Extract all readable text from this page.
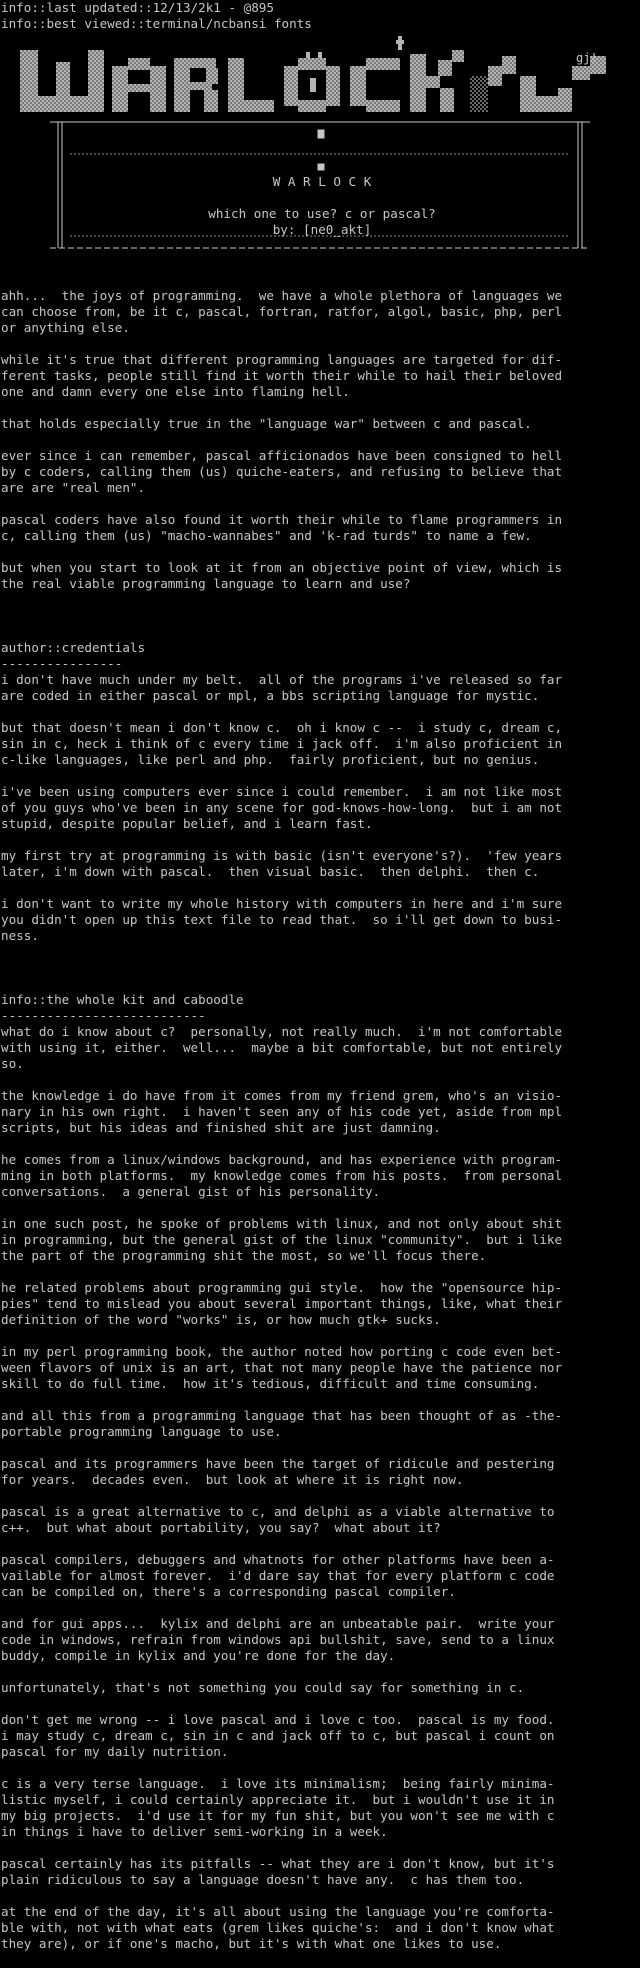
info::last updated::12/13/2k1 - @895
info::best viewed::terminal/ncbansi fonts
gj!
W A R L O C K
which one to use? c or pascal?
by: [ne0_akt]
ahh...  the joys of programming.  we have a whole plethora of languages we
can choose from, be it c, pascal, fortran, ratfor, algol, basic, php, perl
or anything else.
while it's true that different programming languages are targeted for dif-
ferent tasks, people still find it worth their while to hail their beloved
one and damn every one else into flaming hell.
that holds especially true in the "language war" between c and pascal.
ever since i can remember, pascal afficionados have been consigned to hell
by c coders, calling them (us) quiche-eaters, and refusing to believe that
are are "real men".
pascal coders have also found it worth their while to flame programmers in
c, calling them (us) "macho-wannabes" and 'k-rad turds" to name a few.
but when you start to look at it from an objective point of view, which is
the real viable programming language to learn and use?
author::credentials
----------------
i don't have much under my belt.  all of the programs i've released so far
are coded in either pascal or mpl, a bbs scripting language for mystic.
but that doesn't mean i don't know c.  oh i know c --  i study c, dream c,
sin in c, heck i think of c every time i jack off.  i'm also proficient in
c-like languages, like perl and php.  fairly proficient, but no genius.
i've been using computers ever since i could remember.  i am not like most
of you guys who've been in any scene for god-knows-how-long.  but i am not
stupid, despite popular belief, and i learn fast.
my first try at programming is with basic (isn't everyone's?).  'few years
later, i'm down with pascal.  then visual basic.  then delphi.  then c.
i don't want to write my whole history with computers in here and i'm sure
you didn't open up this text file to read that.  so i'll get down to busi-
ness.
info::the whole kit and caboodle
---------------------------
what do i know about c?  personally, not really much.  i'm not comfortable
with using it, either.  well...  maybe a bit comfortable, but not entirely
so.
the knowledge i do have from it comes from my friend grem, who's an visio-
nary in his own right.  i haven't seen any of his code yet, aside from mpl
scripts, but his ideas and finished shit are just damning.
he comes from a linux/windows background, and has experience with program-
ming in both platforms.  my knowledge comes from his posts.  from personal
conversations.  a general gist of his personality.
in one such post, he spoke of problems with linux, and not only about shit
in programming, but the general gist of the linux "community".  but i like
the part of the programming shit the most, so we'll focus there.
he related problems about programming gui style.  how the "opensource hip-
pies" tend to mislead you about several important things, like, what their
definition of the word "works" is, or how much gtk+ sucks.
in my perl programming book, the author noted how porting c code even bet-
ween flavors of unix is an art, that not many people have the patience nor
skill to do full time.  how it's tedious, difficult and time consuming.
and all this from a programming language that has been thought of as -the-
portable programming language to use.
pascal and its programmers have been the target of ridicule and pestering
for years.  decades even.  but look at where it is right now.
pascal is a great alternative to c, and delphi as a viable alternative to
c++.  but what about portability, you say?  what about it?
pascal compilers, debuggers and whatnots for other platforms have been a-
vailable for almost forever.  i'd dare say that for every platform c code
can be compiled on, there's a corresponding pascal compiler.
and for gui apps...  kylix and delphi are an unbeatable pair.  write your
code in windows, refrain from windows api bullshit, save, send to a linux
buddy, compile in kylix and you're done for the day.
unfortunately, that's not something you could say for something in c.
don't get me wrong -- i love pascal and i love c too.  pascal is my food.
i may study c, dream c, sin in c and jack off to c, but pascal i count on
pascal for my daily nutrition.
c is a very terse language.  i love its minimalism;  being fairly minima-
listic myself, i could certainly appreciate it.  but i wouldn't use it in
my big projects.  i'd use it for my fun shit, but you won't see me with c
in things i have to deliver semi-working in a week.
pascal certainly has its pitfalls -- what they are i don't know, but it's
plain ridiculous to say a language doesn't have any.  c has them too.
at the end of the day, it's all about using the language you're comforta-
ble with, not with what eats (grem likes quiche's:  and i don't know what
they are), or if one's macho, but it's with what one likes to use.
